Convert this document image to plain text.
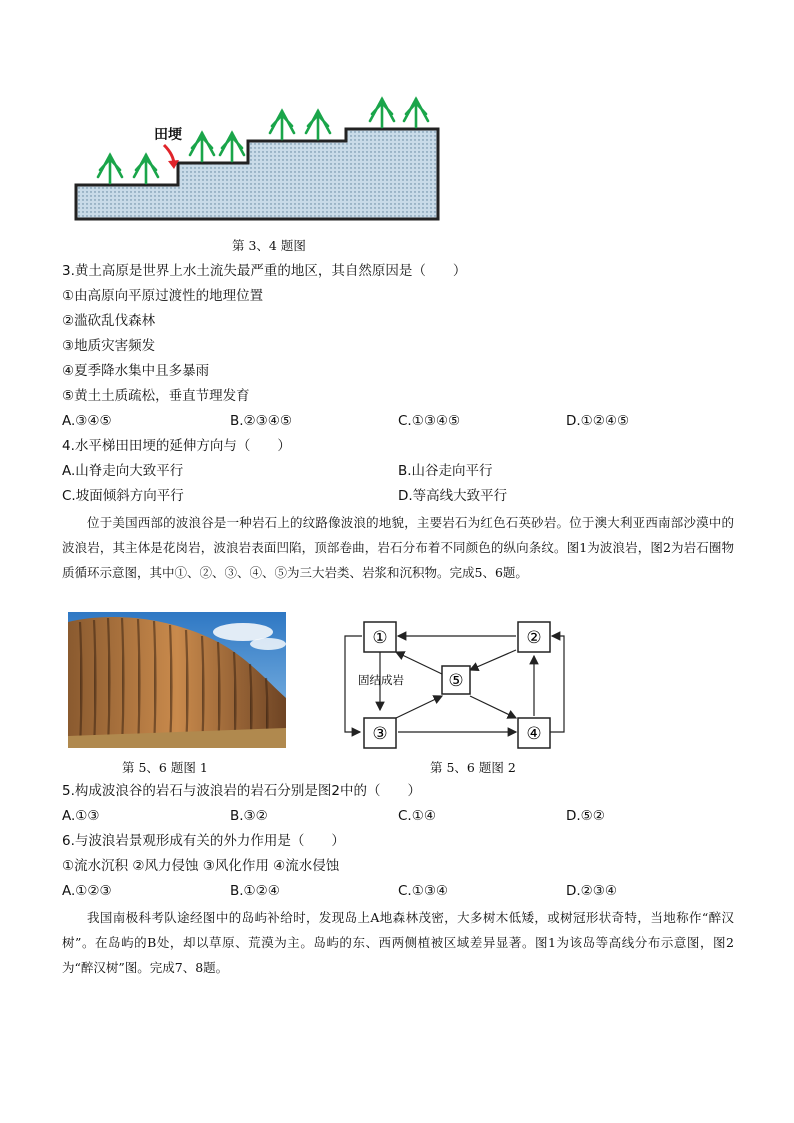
田埂
第 3、4 题图
3.黄土高原是世界上水土流失最严重的地区，其自然原因是（　　）
①由高原向平原过渡性的地理位置
②滥砍乱伐森林
③地质灾害频发
④夏季降水集中且多暴雨
⑤黄土土质疏松，垂直节理发育
A.③④⑤	B.②③④⑤	C.①③④⑤	D.①②④⑤
4.水平梯田田埂的延伸方向与（　　）
A.山脊走向大致平行	B.山谷走向平行
C.坡面倾斜方向平行	D.等高线大致平行
位于美国西部的波浪谷是一种岩石上的纹路像波浪的地貌，主要岩石为红色石英砂岩。位于澳大利亚西南部沙漠中的波浪岩，其主体是花岗岩，波浪岩表面凹陷，顶部卷曲，岩石分布着不同颜色的纵向条纹。图1为波浪岩，图2为岩石圈物质循环示意图，其中①、②、③、④、⑤为三大岩类、岩浆和沉积物。完成5、6题。
第 5、6 题图 1
①	②
③	④
⑤
固结成岩
第 5、6 题图 2
5.构成波浪谷的岩石与波浪岩的岩石分别是图2中的（　　）
A.①③	B.③②	C.①④	D.⑤②
6.与波浪岩景观形成有关的外力作用是（　　）
①流水沉积 ②风力侵蚀 ③风化作用 ④流水侵蚀
A.①②③	B.①②④	C.①③④	D.②③④
我国南极科考队途经图中的岛屿补给时，发现岛上A地森林茂密，大多树木低矮，或树冠形状奇特，当地称作“醉汉树”。在岛屿的B处，却以草原、荒漠为主。岛屿的东、西两侧植被区域差异显著。图1为该岛等高线分布示意图，图2为“醉汉树”图。完成7、8题。
